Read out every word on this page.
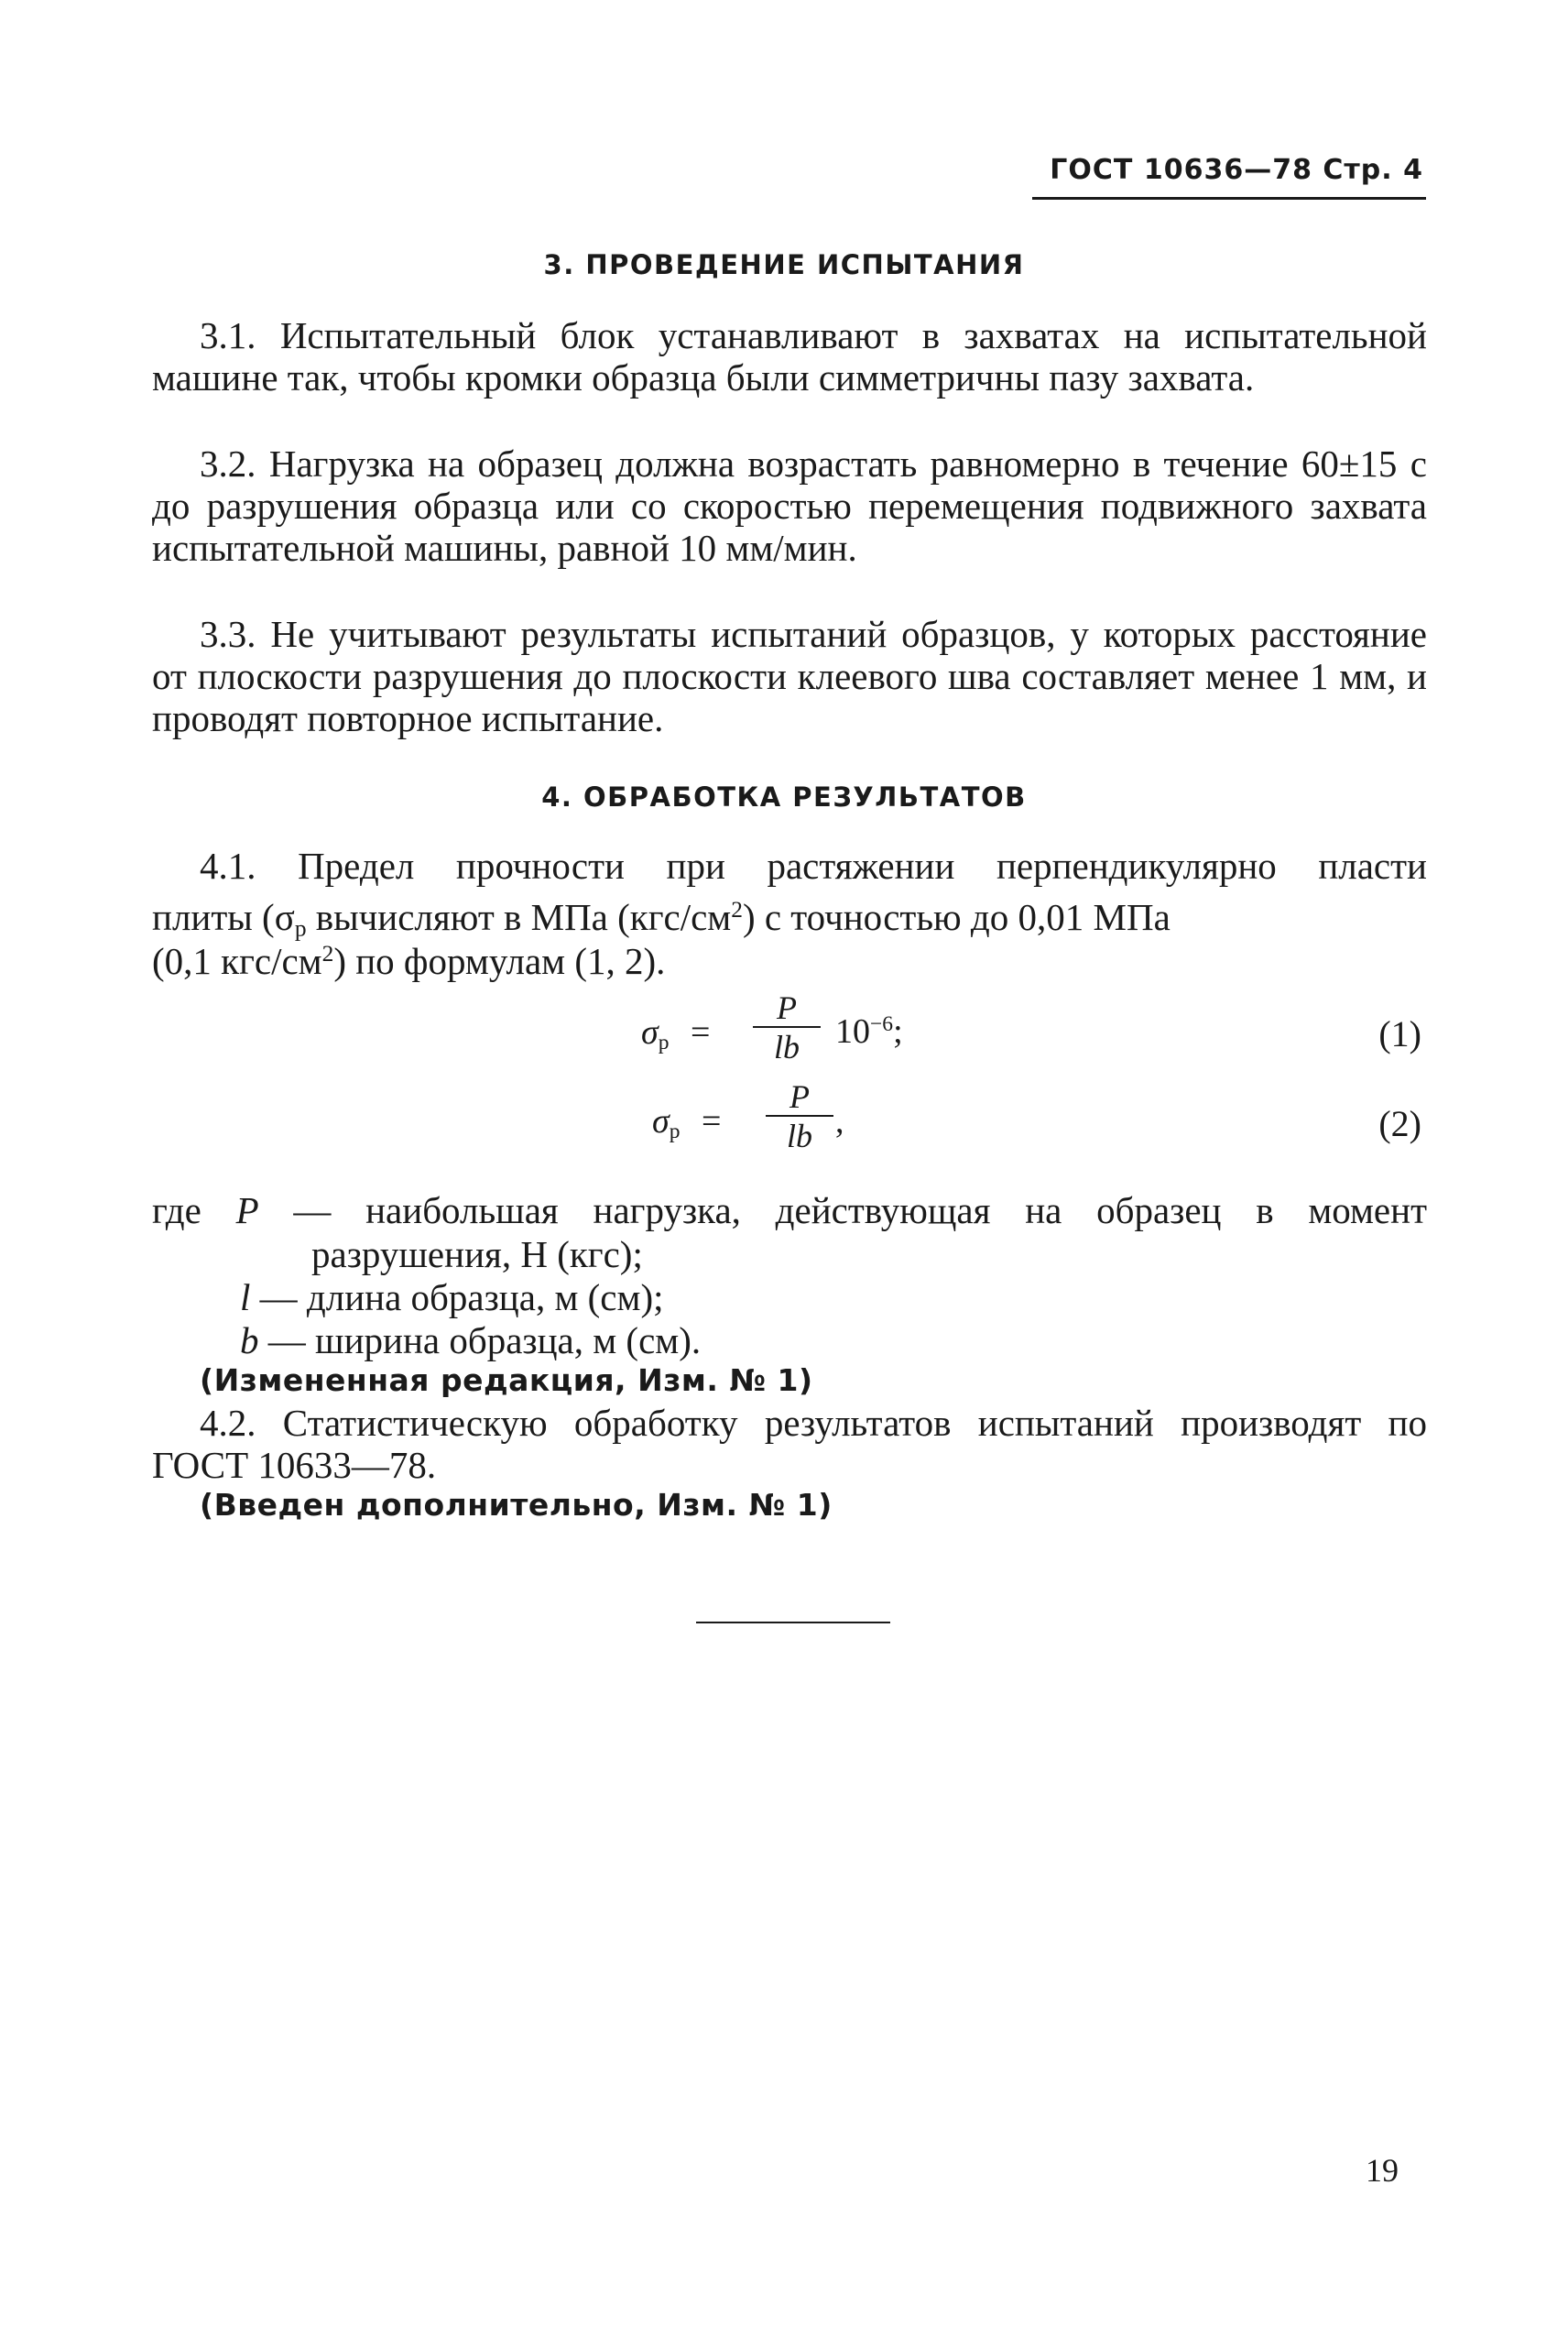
ГОСТ 10636—78 Стр. 4
3. ПРОВЕДЕНИЕ ИСПЫТАНИЯ
3.1. Испытательный блок устанавливают в захватах на испытательной машине так, чтобы кромки образца были симметричны пазу захвата.
3.2. Нагрузка на образец должна возрастать равномерно в течение 60±15 с до разрушения образца или со скоростью перемещения подвижного захвата испытательной машины, равной 10 мм/мин.
3.3. Не учитывают результаты испытаний образцов, у которых расстояние от плоскости разрушения до плоскости клеевого шва составляет менее 1 мм, и проводят повторное испытание.
4. ОБРАБОТКА РЕЗУЛЬТАТОВ
4.1. Предел прочности при растяжении перпендикулярно пласти
плиты ($\sigma_р$ вычисляют в МПа $(кгс/см^2)$ с точностью до 0,01 МПа
(0,1 кгс/$см^2$) по формулам (1, 2).
$\sigma_р$ =
P
lb	$10^{-6}$;	(1)
$\sigma_р$ =
P
lb ,	(2)
где P — наибольшая нагрузка, действующая на образец в момент
разрушения, Н (кгс);
l — длина образца, м (см);
b — ширина образца, м (см).
(Измененная редакция, Изм. № 1)
4.2. Статистическую обработку результатов испытаний производят по ГОСТ 10633—78.
(Введен дополнительно, Изм. № 1)
19
